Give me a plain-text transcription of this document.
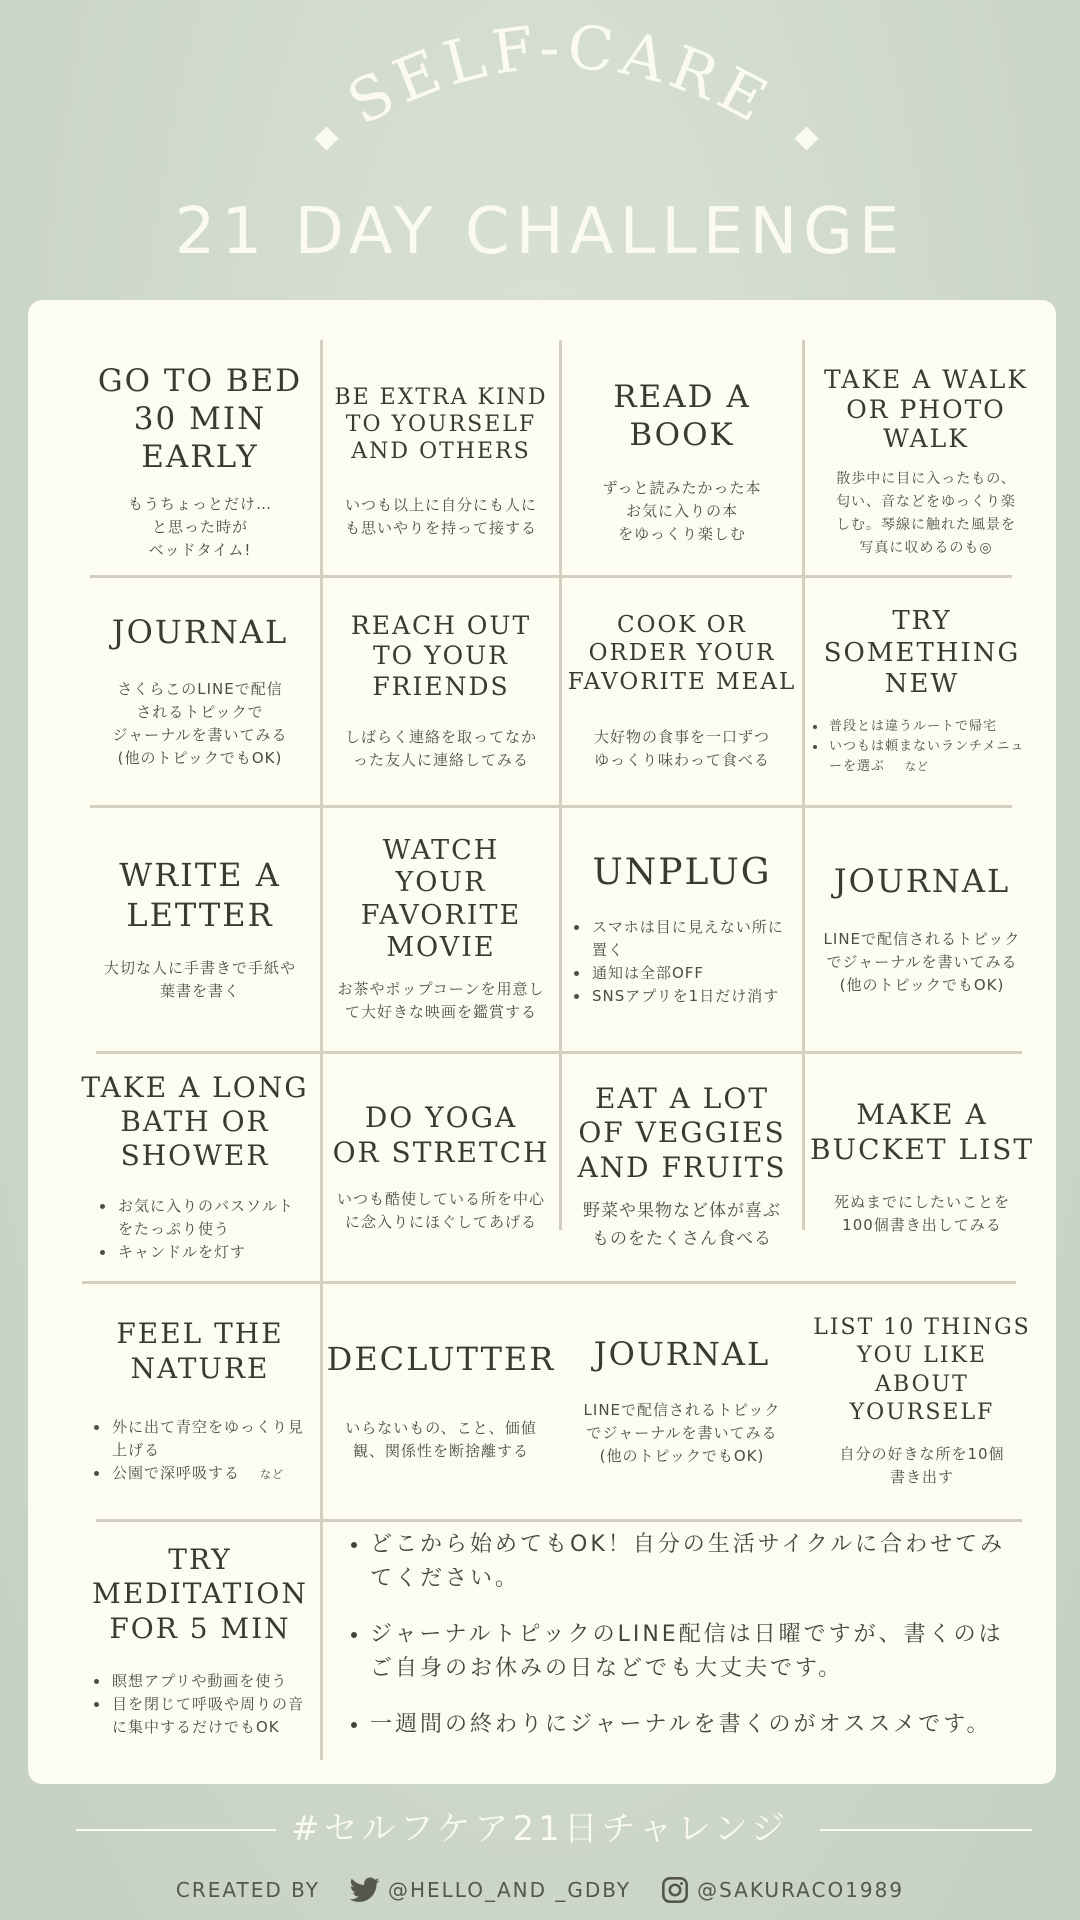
SELF-CARE
21 DAY CHALLENGE
GO TO BED
30 MIN
EARLY
もうちょっとだけ…
と思った時が
ベッドタイム!
BE EXTRA KIND
TO YOURSELF
AND OTHERS
いつも以上に自分にも人に
も思いやりを持って接する
READ A
BOOK
ずっと読みたかった本
お気に入りの本
をゆっくり楽しむ
TAKE A WALK
OR PHOTO WALK
散歩中に目に入ったもの、
匂い、音などをゆっくり楽
しむ。琴線に触れた風景を
写真に収めるのも◎
JOURNAL
さくらこのLINEで配信
されるトピックで
ジャーナルを書いてみる
(他のトピックでもOK)
REACH OUT
TO YOUR
FRIENDS
しばらく連絡を取ってなか
った友人に連絡してみる
COOK OR
ORDER YOUR
FAVORITE MEAL
大好物の食事を一口ずつ
ゆっくり味わって食べる
TRY
SOMETHING
NEW
• 普段とは違うルートで帰宅
• いつもは頼まないランチメニューを選ぶ など
WRITE A
LETTER
大切な人に手書きで手紙や
葉書を書く
WATCH
YOUR
FAVORITE
MOVIE
お茶やポップコーンを用意し
て大好きな映画を鑑賞する
UNPLUG
• スマホは目に見えない所に置く
• 通知は全部OFF
• SNSアプリを1日だけ消す
JOURNAL
LINEで配信されるトピック
でジャーナルを書いてみる
(他のトピックでもOK)
TAKE A LONG
BATH OR
SHOWER
• お気に入りのバスソルトをたっぷり使う
• キャンドルを灯す
DO YOGA
OR STRETCH
いつも酷使している所を中心
に念入りにほぐしてあげる
EAT A LOT
OF VEGGIES
AND FRUITS
野菜や果物など体が喜ぶ
ものをたくさん食べる
MAKE A
BUCKET LIST
死ぬまでにしたいことを
100個書き出してみる
FEEL THE
NATURE
• 外に出て青空をゆっくり見上げる
• 公園で深呼吸する など
DECLUTTER
いらないもの、こと、価値
観、関係性を断捨離する
JOURNAL
LINEで配信されるトピック
でジャーナルを書いてみる
(他のトピックでもOK)
LIST 10 THINGS
YOU LIKE
ABOUT
YOURSELF
自分の好きな所を10個
書き出す
TRY
MEDITATION
FOR 5 MIN
• 瞑想アプリや動画を使う
• 目を閉じて呼吸や周りの音に集中するだけでもOK
• どこから始めてもOK！自分の生活サイクルに合わせてみてください。
• ジャーナルトピックのLINE配信は日曜ですが、書くのはご自身のお休みの日などでも大丈夫です。
• 一週間の終わりにジャーナルを書くのがオススメです。
#セルフケア21日チャレンジ
CREATED BY	@HELLO_AND _GDBY	@SAKURACO1989
